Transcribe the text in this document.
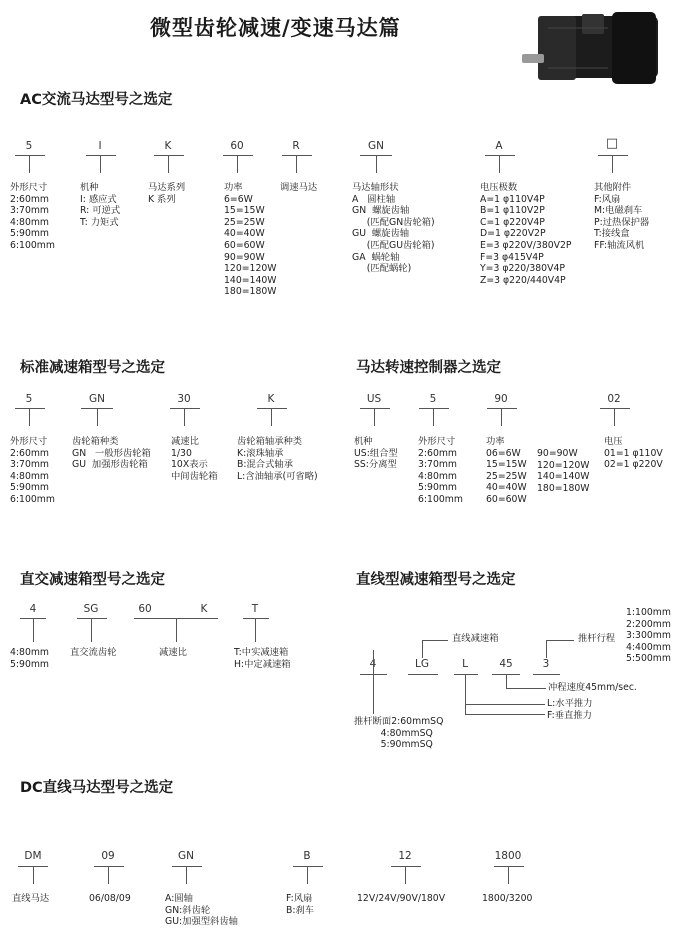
微型齿轮减速/变速马达篇
AC交流马达型号之选定
5
外形尺寸
2:60mm
3:70mm
4:80mm
5:90mm
6:100mm
I
机种
I: 感应式
R: 可逆式
T: 力矩式
K
马达系列
K 系列
60
功率
6=6W
15=15W
25=25W
40=40W
60=60W
90=90W
120=120W
140=140W
180=180W
R
调速马达
GN
马达轴形状
A   圆柱轴
GN  螺旋齿轴
(匹配GN齿轮箱)
GU  螺旋齿轴
(匹配GU齿轮箱)
GA  蜗轮轴
(匹配蜗轮)
A
电压极数
A=1 φ110V4P
B=1 φ110V2P
C=1 φ220V4P
D=1 φ220V2P
E=3 φ220V/380V2P
F=3 φ415V4P
Y=3 φ220/380V4P
Z=3 φ220/440V4P
□
其他附件
F:风扇
M:电磁刹车
P:过热保护器
T:接线盒
FF:轴流风机
标准减速箱型号之选定
5
外形尺寸
2:60mm
3:70mm
4:80mm
5:90mm
6:100mm
GN
齿轮箱种类
GN   一般形齿轮箱
GU  加强形齿轮箱
30
减速比
1/30
10X表示
中间齿轮箱
K
齿轮箱轴承种类
K:滚珠轴承
B:混合式轴承
L:含油轴承(可省略)
马达转速控制器之选定
US
机种
US:组合型
SS:分离型
5
外形尺寸
2:60mm
3:70mm
4:80mm
5:90mm
6:100mm
90
功率
06=6W
15=15W
25=25W
40=40W
60=60W
90=90W
120=120W
140=140W
180=180W
02
电压
01=1 φ110V
02=1 φ220V
直交减速箱型号之选定
4
4:80mm
5:90mm
SG
直交流齿轮
60	K
减速比
T
T:中实减速箱
H:中定减速箱
直线型减速箱型号之选定
1:100mm
2:200mm
3:300mm
4:400mm
5:500mm
4	LG
直线减速箱
L
L:水平推力
F:垂直推力
45
冲程速度45mm/sec.
3
推杆行程
推杆断面2:60mmSQ
4:80mmSQ
5:90mmSQ
DC直线马达型号之选定
DM
直线马达
09
06/08/09
GN
A:圆轴
GN:斜齿轮
GU:加强型斜齿轴
B
F:风扇
B:刹车
12
12V/24V/90V/180V
1800
1800/3200
